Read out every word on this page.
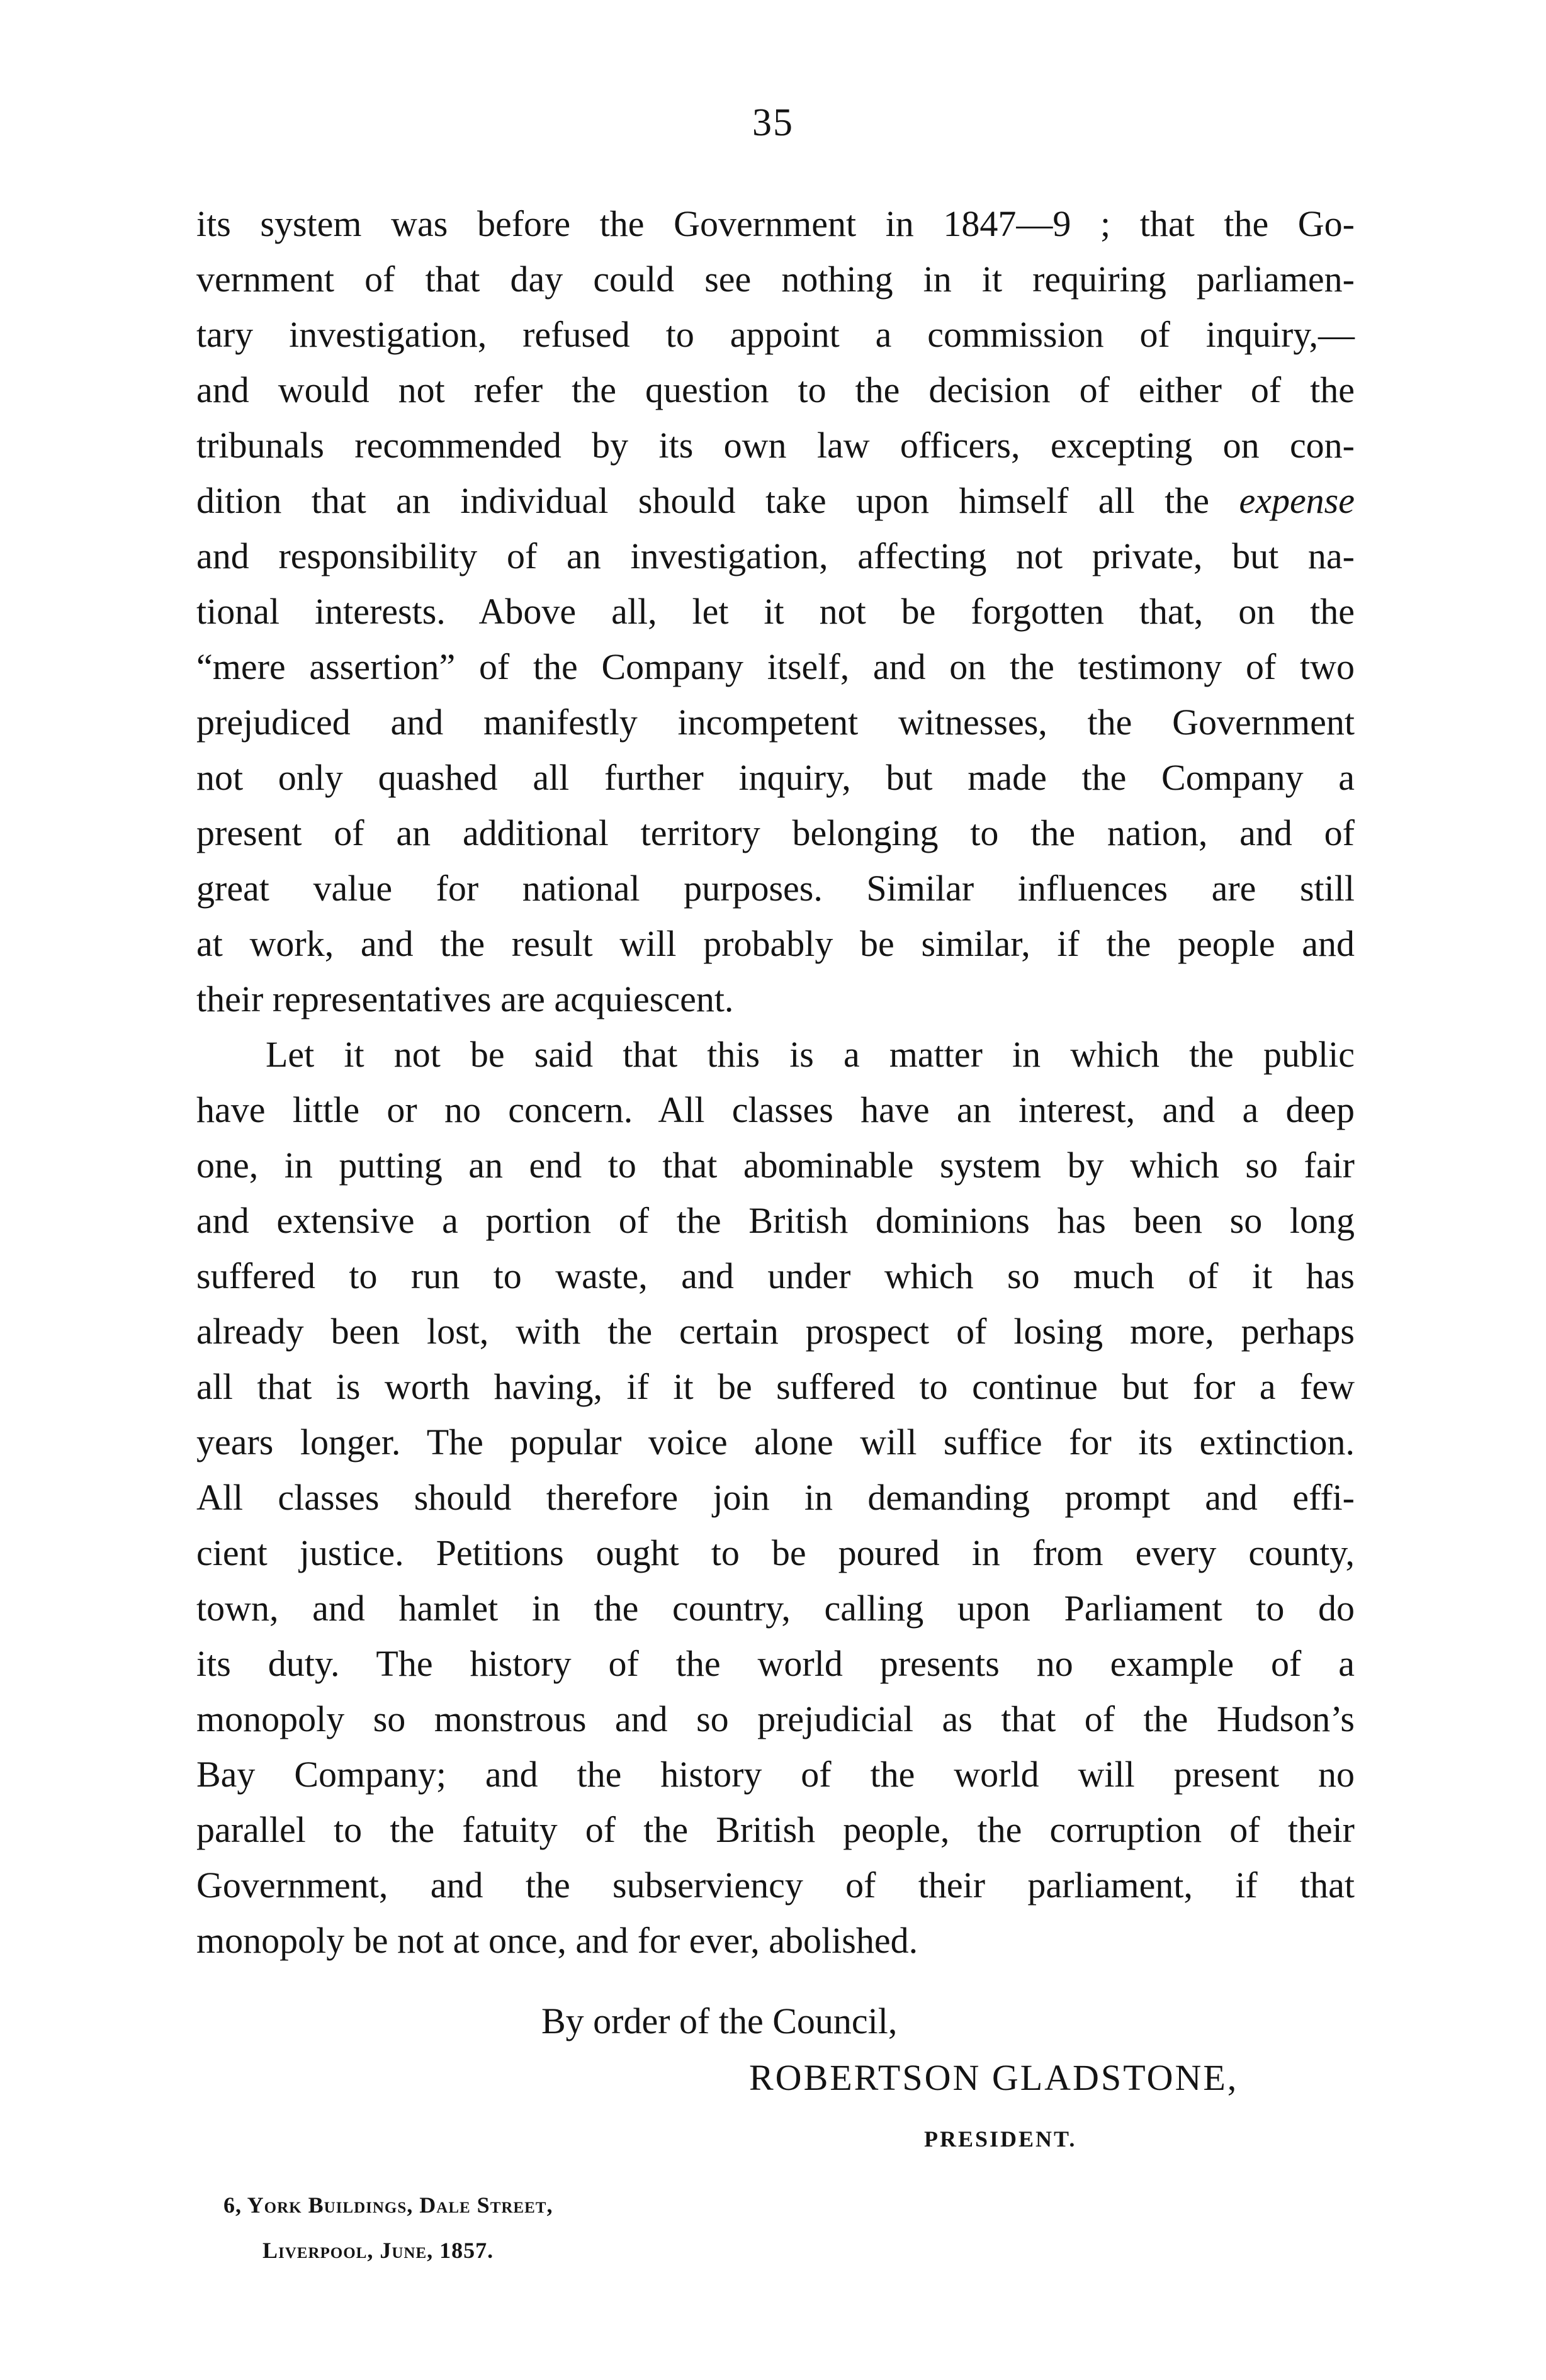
35
its system was before the Government in 1847—9 ; that the Go-
vernment of that day could see nothing in it requiring parliamen-
tary investigation, refused to appoint a commission of inquiry,—
and would not refer the question to the decision of either of the
tribunals recommended by its own law officers, excepting on con-
dition that an individual should take upon himself all the expense
and responsibility of an investigation, affecting not private, but na-
tional interests. Above all, let it not be forgotten that, on the
“mere assertion” of the Company itself, and on the testimony of two
prejudiced and manifestly incompetent witnesses, the Government
not only quashed all further inquiry, but made the Company a
present of an additional territory belonging to the nation, and of
great value for national purposes. Similar influences are still
at work, and the result will probably be similar, if the people and
their representatives are acquiescent.
Let it not be said that this is a matter in which the public
have little or no concern. All classes have an interest, and a deep
one, in putting an end to that abominable system by which so fair
and extensive a portion of the British dominions has been so long
suffered to run to waste, and under which so much of it has
already been lost, with the certain prospect of losing more, perhaps
all that is worth having, if it be suffered to continue but for a few
years longer. The popular voice alone will suffice for its extinction.
All classes should therefore join in demanding prompt and effi-
cient justice. Petitions ought to be poured in from every county,
town, and hamlet in the country, calling upon Parliament to do
its duty. The history of the world presents no example of a
monopoly so monstrous and so prejudicial as that of the Hudson’s
Bay Company; and the history of the world will present no
parallel to the fatuity of the British people, the corruption of their
Government, and the subserviency of their parliament, if that
monopoly be not at once, and for ever, abolished.
By order of the Council,
ROBERTSON GLADSTONE,
PRESIDENT.
6, York Buildings, Dale Street,
Liverpool, June, 1857.
